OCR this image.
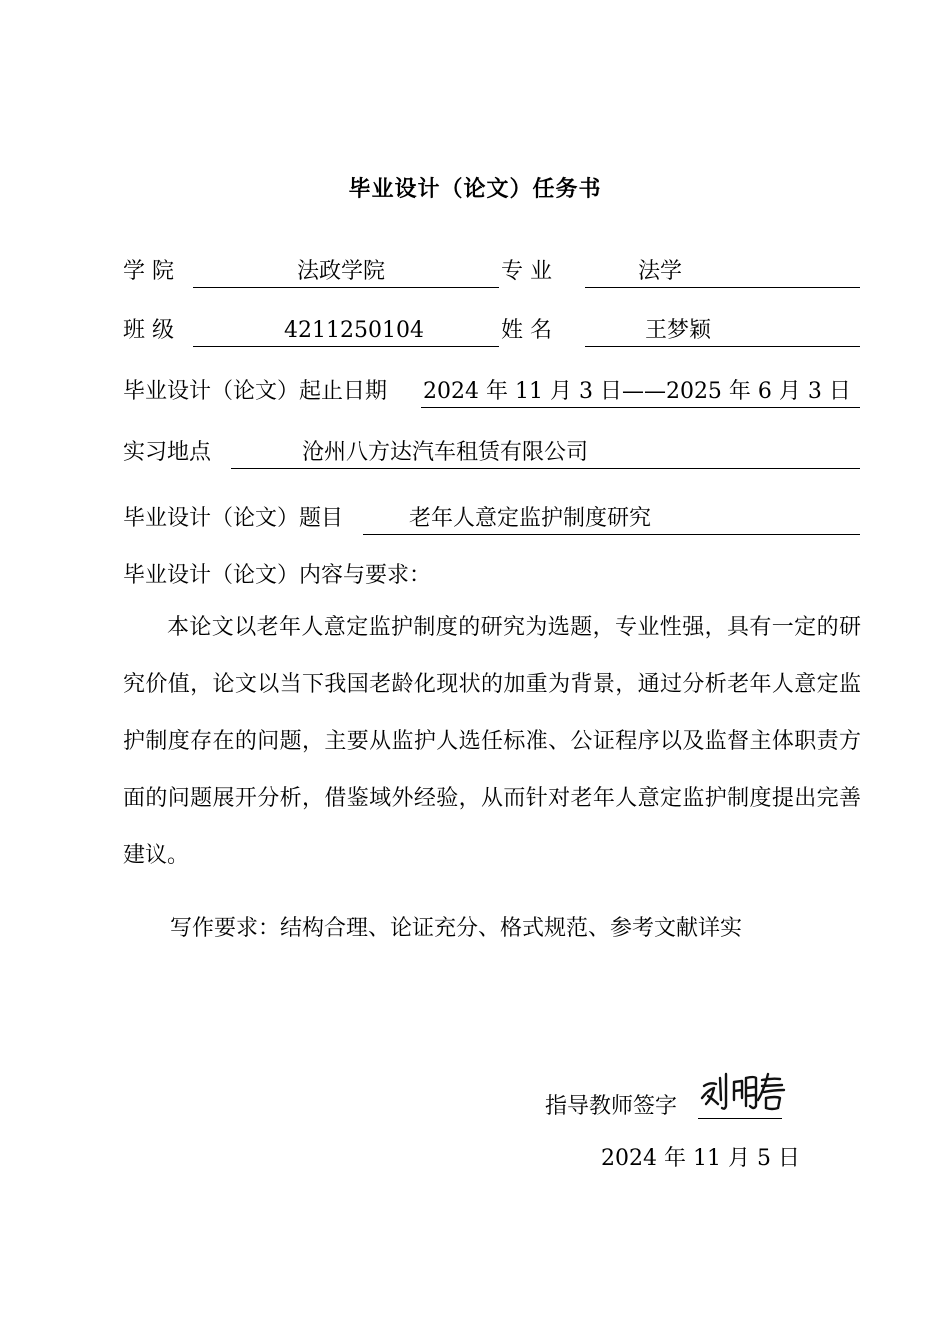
毕业设计（论文）任务书
学 院	法政学院	专 业	法学
班 级	4211250104	姓 名	王梦颖
毕业设计（论文）起止日期 2024 年 11 月 3 日——2025 年 6 月 3 日
实习地点	沧州八方达汽车租赁有限公司
毕业设计（论文）题目	老年人意定监护制度研究
毕业设计（论文）内容与要求：
本论文以老年人意定监护制度的研究为选题，专业性强，具有一定的研究价值，论文以当下我国老龄化现状的加重为背景，通过分析老年人意定监护制度存在的问题，主要从监护人选任标准、公证程序以及监督主体职责方面的问题展开分析，借鉴域外经验，从而针对老年人意定监护制度提出完善建议。
写作要求：结构合理、论证充分、格式规范、参考文献详实
指导教师签字
2024 年 11 月 5 日
